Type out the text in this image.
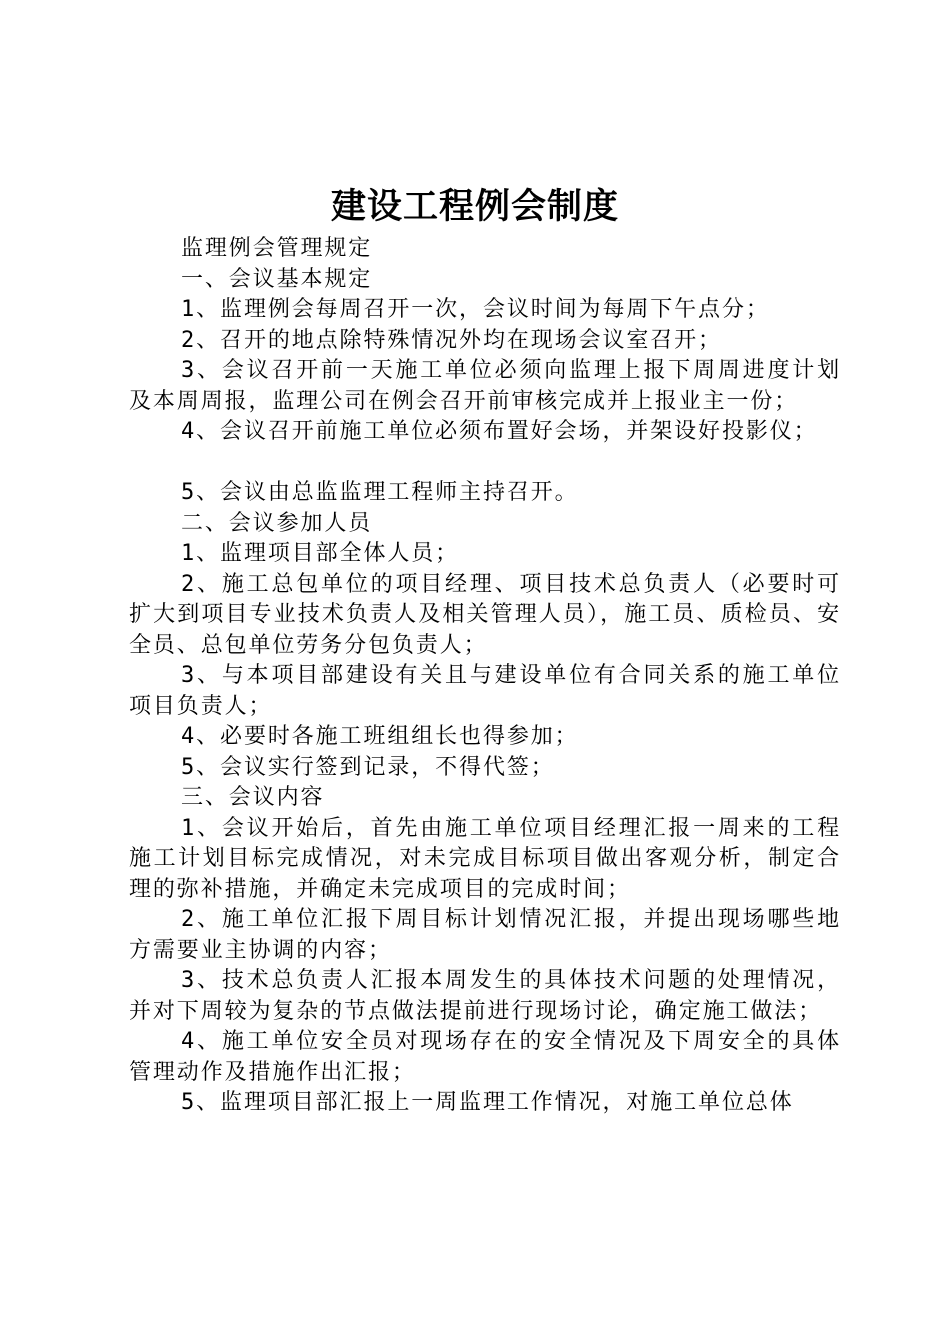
建设工程例会制度

监理例会管理规定

一、会议基本规定

1、监理例会每周召开一次，会议时间为每周下午点分；

2、召开的地点除特殊情况外均在现场会议室召开；

3、会议召开前一天施工单位必须向监理上报下周周进度计划及本周周报，监理公司在例会召开前审核完成并上报业主一份；

4、会议召开前施工单位必须布置好会场，并架设好投影仪；

5、会议由总监监理工程师主持召开。

二、会议参加人员

1、监理项目部全体人员；

2、施工总包单位的项目经理、项目技术总负责人（必要时可扩大到项目专业技术负责人及相关管理人员），施工员、质检员、安全员、总包单位劳务分包负责人；

3、与本项目部建设有关且与建设单位有合同关系的施工单位项目负责人；

4、必要时各施工班组组长也得参加；

5、会议实行签到记录，不得代签；

三、会议内容

1、会议开始后，首先由施工单位项目经理汇报一周来的工程施工计划目标完成情况，对未完成目标项目做出客观分析，制定合理的弥补措施，并确定未完成项目的完成时间；

2、施工单位汇报下周目标计划情况汇报，并提出现场哪些地方需要业主协调的内容；

3、技术总负责人汇报本周发生的具体技术问题的处理情况，并对下周较为复杂的节点做法提前进行现场讨论，确定施工做法；

4、施工单位安全员对现场存在的安全情况及下周安全的具体管理动作及措施作出汇报；

5、监理项目部汇报上一周监理工作情况，对施工单位总体
